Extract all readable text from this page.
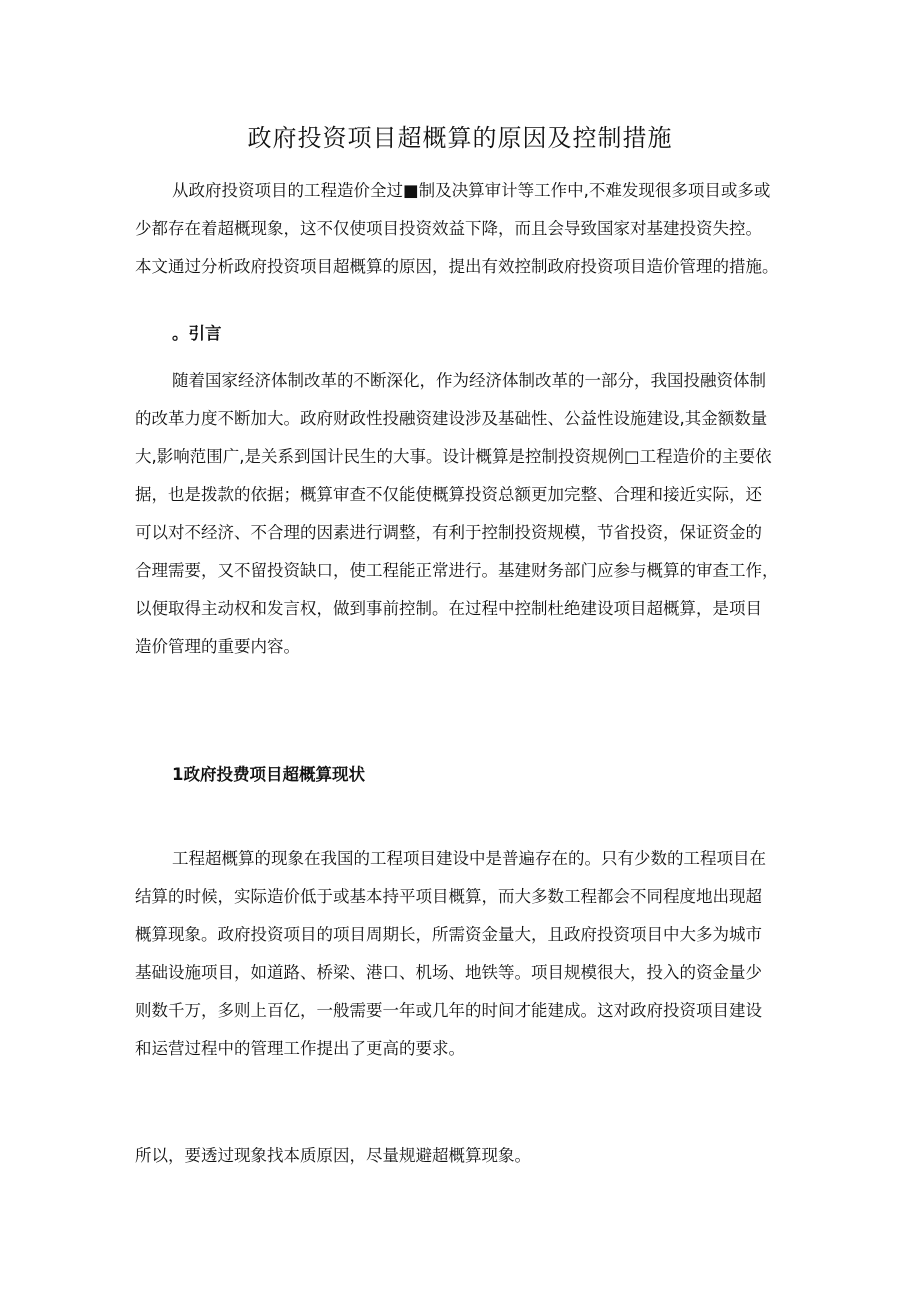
政府投资项目超概算的原因及控制措施
从政府投资项目的工程造价全过■制及决算审计等工作中,不难发现很多项目或多或
少都存在着超概现象，这不仅使项目投资效益下降，而且会导致国家对基建投资失控。
本文通过分析政府投资项目超概算的原因，提出有效控制政府投资项目造价管理的措施。

。引言

随着国家经济体制改革的不断深化，作为经济体制改革的一部分，我国投融资体制
的改革力度不断加大。政府财政性投融资建设涉及基础性、公益性设施建设,其金额数量
大,影响范围广,是关系到国计民生的大事。设计概算是控制投资规例□工程造价的主要依
据，也是拨款的依据；概算审查不仅能使概算投资总额更加完整、合理和接近实际，还
可以对不经济、不合理的因素进行调整，有利于控制投资规模，节省投资，保证资金的
合理需要，又不留投资缺口，使工程能正常进行。基建财务部门应参与概算的审查工作，
以便取得主动权和发言权，做到事前控制。在过程中控制杜绝建设项目超概算，是项目
造价管理的重要内容。

1政府投费项目超概算现状

工程超概算的现象在我国的工程项目建设中是普遍存在的。只有少数的工程项目在
结算的时候，实际造价低于或基本持平项目概算，而大多数工程都会不同程度地出现超
概算现象。政府投资项目的项目周期长，所需资金量大，且政府投资项目中大多为城市
基础设施项目，如道路、桥梁、港口、机场、地铁等。项目规模很大，投入的资金量少
则数千万，多则上百亿，一般需要一年或几年的时间才能建成。这对政府投资项目建设
和运营过程中的管理工作提出了更高的要求。

所以，要透过现象找本质原因，尽量规避超概算现象。
